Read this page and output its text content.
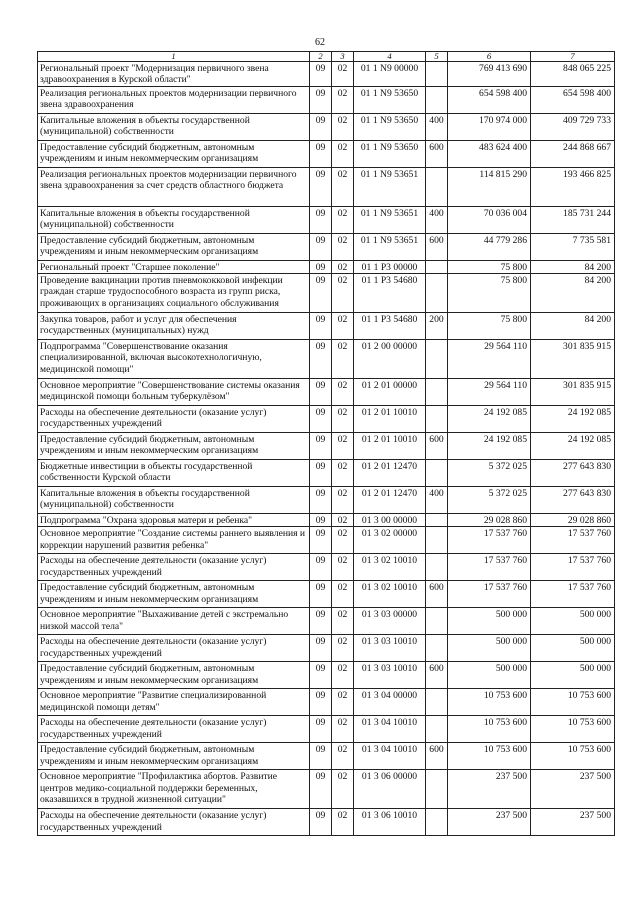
62
1	2	3	4	5	6	7
Региональный проект "Модернизация первичного звена здравоохранения в Курской области"	09	02	01 1 N9 00000		769 413 690	848 065 225
Реализация региональных проектов модернизации первичного звена здравоохранения	09	02	01 1 N9 53650		654 598 400	654 598 400
Капитальные вложения в объекты государственной (муниципальной) собственности	09	02	01 1 N9 53650	400	170 974 000	409 729 733
Предоставление субсидий бюджетным, автономным учреждениям и иным некоммерческим организациям	09	02	01 1 N9 53650	600	483 624 400	244 868 667
Реализация региональных проектов модернизации первичного звена здравоохранения за счет средств областного бюджета	09	02	01 1 N9 53651		114 815 290	193 466 825
Капитальные вложения в объекты государственной (муниципальной) собственности	09	02	01 1 N9 53651	400	70 036 004	185 731 244
Предоставление субсидий бюджетным, автономным учреждениям и иным некоммерческим организациям	09	02	01 1 N9 53651	600	44 779 286	7 735 581
Региональный проект "Старшее поколение"	09	02	01 1 P3 00000		75 800	84 200
Проведение вакцинации против пневмококковой инфекции граждан старше трудоспособного возраста из групп риска, проживающих в организациях социального обслуживания	09	02	01 1 P3 54680		75 800	84 200
Закупка товаров, работ и услуг для обеспечения государственных (муниципальных) нужд	09	02	01 1 P3 54680	200	75 800	84 200
Подпрограмма "Совершенствование оказания специализированной, включая высокотехнологичную, медицинской помощи"	09	02	01 2 00 00000		29 564 110	301 835 915
Основное мероприятие "Совершенствование системы оказания медицинской помощи больным туберкулёзом"	09	02	01 2 01 00000		29 564 110	301 835 915
Расходы на обеспечение деятельности (оказание услуг) государственных учреждений	09	02	01 2 01 10010		24 192 085	24 192 085
Предоставление субсидий бюджетным, автономным учреждениям и иным некоммерческим организациям	09	02	01 2 01 10010	600	24 192 085	24 192 085
Бюджетные инвестиции в объекты государственной собственности Курской области	09	02	01 2 01 12470		5 372 025	277 643 830
Капитальные вложения в объекты государственной (муниципальной) собственности	09	02	01 2 01 12470	400	5 372 025	277 643 830
Подпрограмма "Охрана здоровья матери и ребенка"	09	02	01 3 00 00000		29 028 860	29 028 860
Основное мероприятие "Создание системы раннего выявления и коррекции нарушений развития ребенка"	09	02	01 3 02 00000		17 537 760	17 537 760
Расходы на обеспечение деятельности (оказание услуг) государственных учреждений	09	02	01 3 02 10010		17 537 760	17 537 760
Предоставление субсидий бюджетным, автономным учреждениям и иным некоммерческим организациям	09	02	01 3 02 10010	600	17 537 760	17 537 760
Основное мероприятие "Выхаживание детей с экстремально низкой массой тела"	09	02	01 3 03 00000		500 000	500 000
Расходы на обеспечение деятельности (оказание услуг) государственных учреждений	09	02	01 3 03 10010		500 000	500 000
Предоставление субсидий бюджетным, автономным учреждениям и иным некоммерческим организациям	09	02	01 3 03 10010	600	500 000	500 000
Основное мероприятие "Развитие специализированной медицинской помощи детям"	09	02	01 3 04 00000		10 753 600	10 753 600
Расходы на обеспечение деятельности (оказание услуг) государственных учреждений	09	02	01 3 04 10010		10 753 600	10 753 600
Предоставление субсидий бюджетным, автономным учреждениям и иным некоммерческим организациям	09	02	01 3 04 10010	600	10 753 600	10 753 600
Основное мероприятие "Профилактика абортов. Развитие центров медико-социальной поддержки беременных, оказавшихся в трудной жизненной ситуации"	09	02	01 3 06 00000		237 500	237 500
Расходы на обеспечение деятельности (оказание услуг) государственных учреждений	09	02	01 3 06 10010		237 500	237 500
